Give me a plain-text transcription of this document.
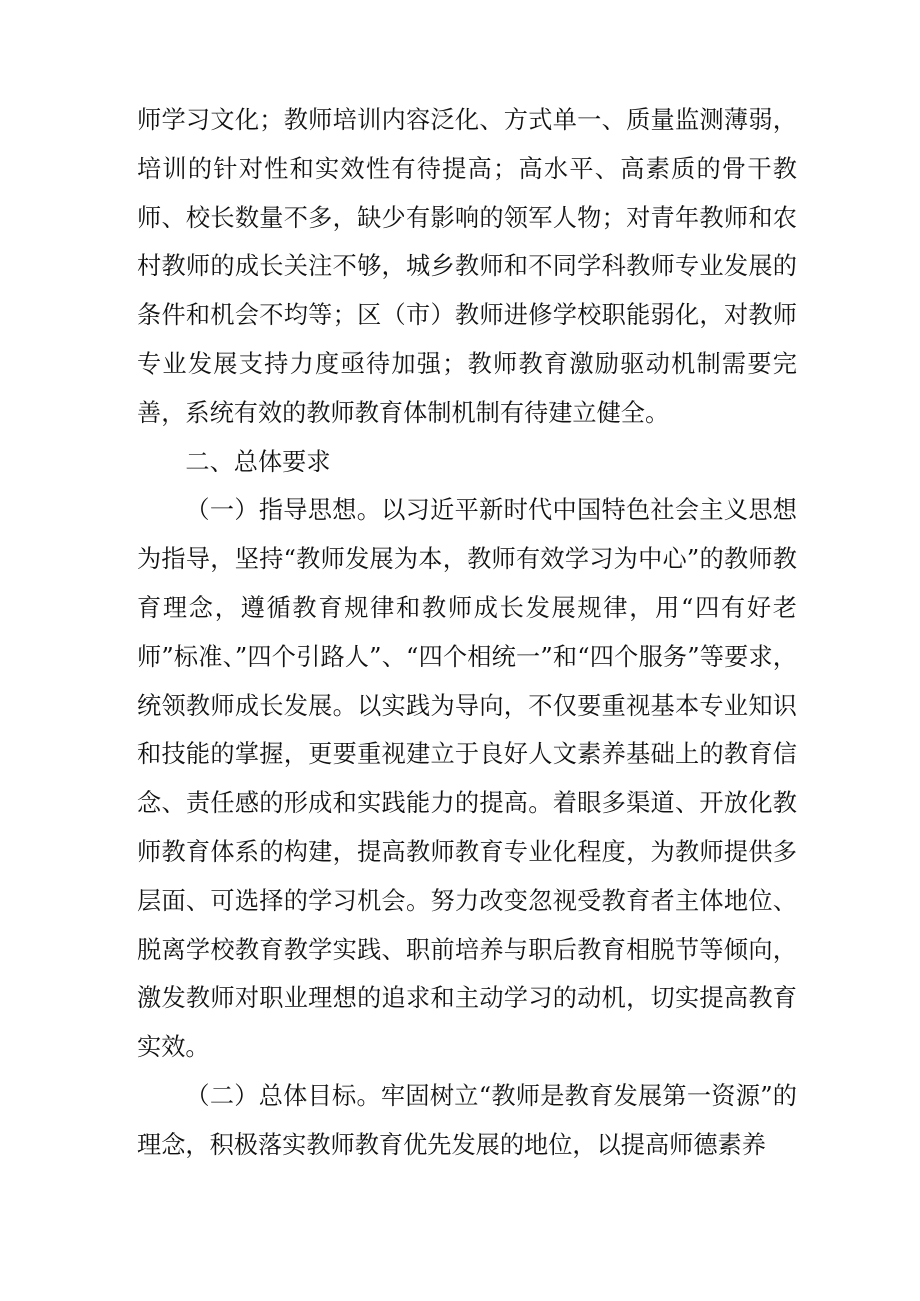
师学习文化；教师培训内容泛化、方式单一、质量监测薄弱，培训的针对性和实效性有待提高；高水平、高素质的骨干教师、校长数量不多，缺少有影响的领军人物；对青年教师和农村教师的成长关注不够，城乡教师和不同学科教师专业发展的条件和机会不均等；区（市）教师进修学校职能弱化，对教师专业发展支持力度亟待加强；教师教育激励驱动机制需要完善，系统有效的教师教育体制机制有待建立健全。

二、总体要求

（一）指导思想。以习近平新时代中国特色社会主义思想为指导，坚持“教师发展为本，教师有效学习为中心”的教师教育理念，遵循教育规律和教师成长发展规律，用“四有好老师”标准、”四个引路人”、“四个相统一”和“四个服务”等要求，统领教师成长发展。以实践为导向，不仅要重视基本专业知识和技能的掌握，更要重视建立于良好人文素养基础上的教育信念、责任感的形成和实践能力的提高。着眼多渠道、开放化教师教育体系的构建，提高教师教育专业化程度，为教师提供多层面、可选择的学习机会。努力改变忽视受教育者主体地位、脱离学校教育教学实践、职前培养与职后教育相脱节等倾向，激发教师对职业理想的追求和主动学习的动机，切实提高教育实效。

（二）总体目标。牢固树立“教师是教育发展第一资源”的理念，积极落实教师教育优先发展的地位，以提高师德素养
